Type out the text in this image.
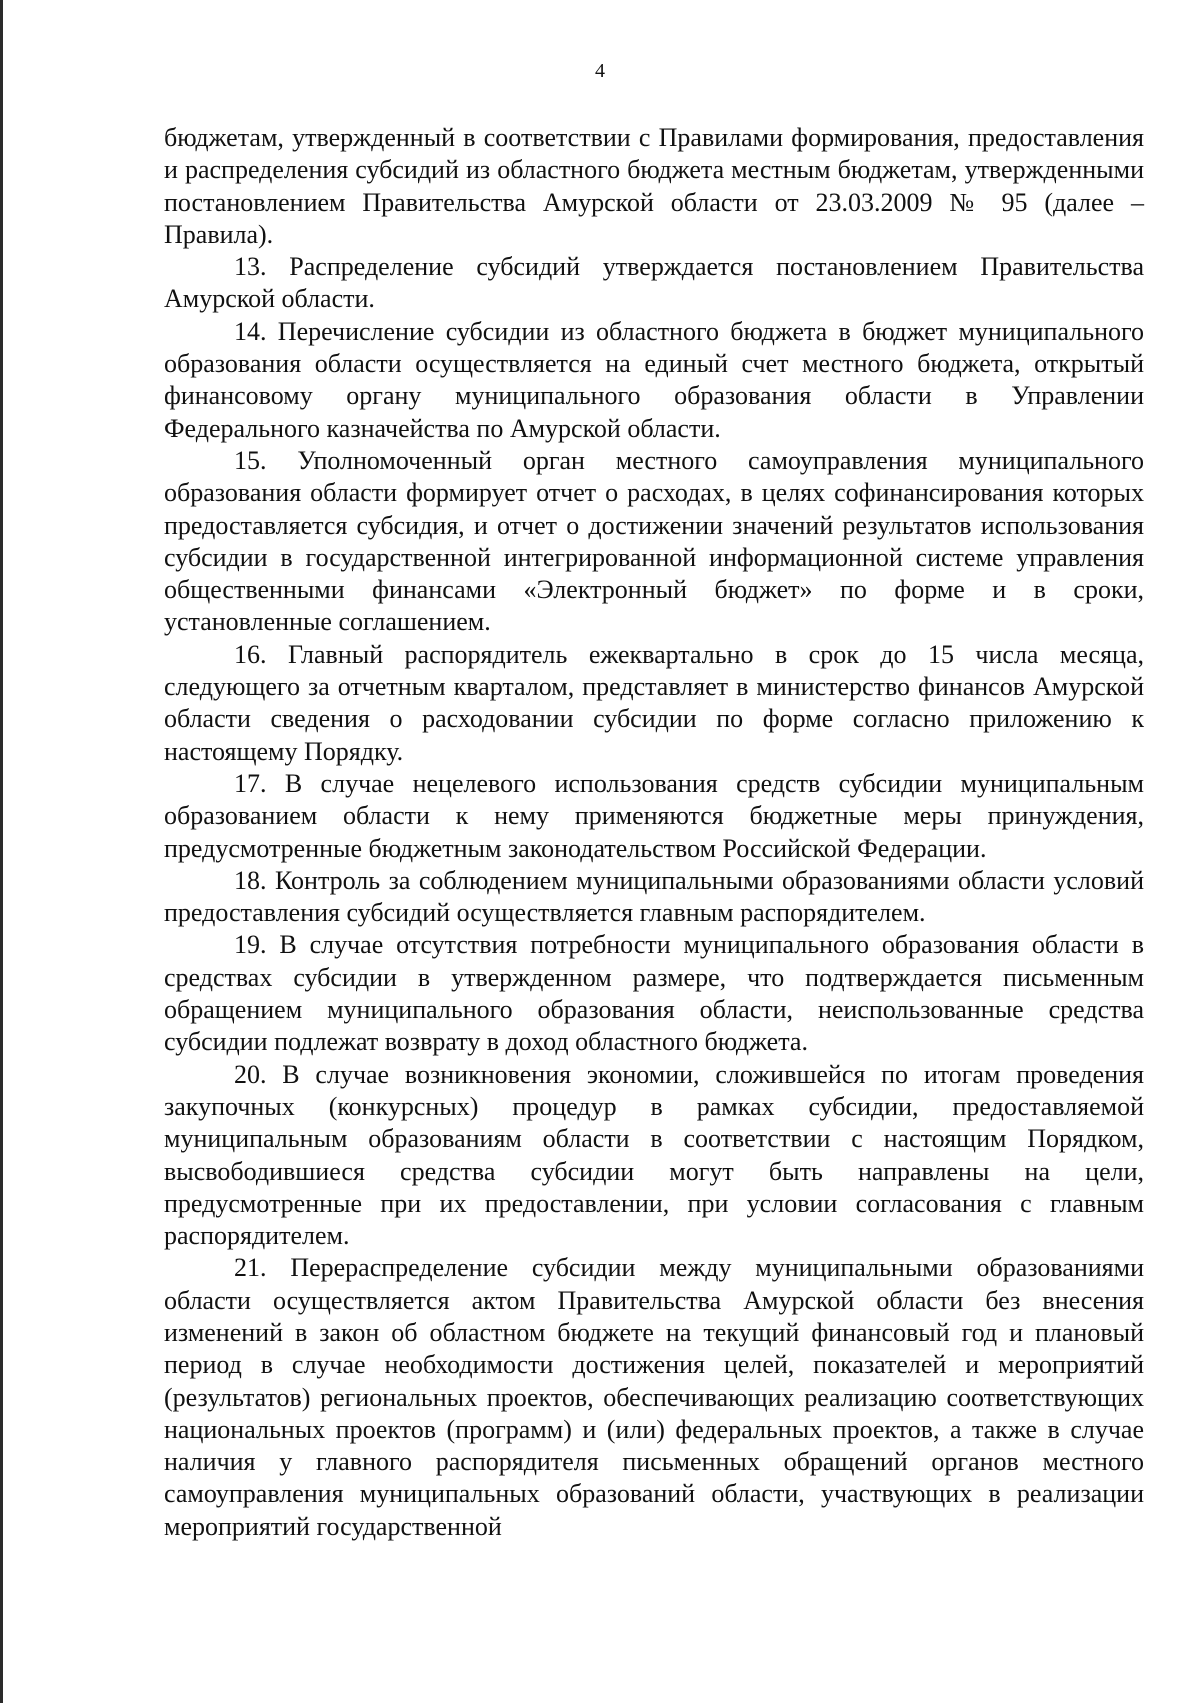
4

бюджетам, утвержденный в соответствии с Правилами формирования, предоставления и распределения субсидий из областного бюджета местным бюджетам, утвержденными постановлением Правительства Амурской области от 23.03.2009 № 95 (далее – Правила).

13. Распределение субсидий утверждается постановлением Правительства Амурской области.

14. Перечисление субсидии из областного бюджета в бюджет муниципального образования области осуществляется на единый счет местного бюджета, открытый финансовому органу муниципального образования области в Управлении Федерального казначейства по Амурской области.

15. Уполномоченный орган местного самоуправления муниципального образования области формирует отчет о расходах, в целях софинансирования которых предоставляется субсидия, и отчет о достижении значений результатов использования субсидии в государственной интегрированной информационной системе управления общественными финансами «Электронный бюджет» по форме и в сроки, установленные соглашением.

16. Главный распорядитель ежеквартально в срок до 15 числа месяца, следующего за отчетным кварталом, представляет в министерство финансов Амурской области сведения о расходовании субсидии по форме согласно приложению к настоящему Порядку.

17. В случае нецелевого использования средств субсидии муниципальным образованием области к нему применяются бюджетные меры принуждения, предусмотренные бюджетным законодательством Российской Федерации.

18. Контроль за соблюдением муниципальными образованиями области условий предоставления субсидий осуществляется главным распорядителем.

19. В случае отсутствия потребности муниципального образования области в средствах субсидии в утвержденном размере, что подтверждается письменным обращением муниципального образования области, неиспользованные средства субсидии подлежат возврату в доход областного бюджета.

20. В случае возникновения экономии, сложившейся по итогам проведения закупочных (конкурсных) процедур в рамках субсидии, предоставляемой муниципальным образованиям области в соответствии с настоящим Порядком, высвободившиеся средства субсидии могут быть направлены на цели, предусмотренные при их предоставлении, при условии согласования с главным распорядителем.

21. Перераспределение субсидии между муниципальными образованиями области осуществляется актом Правительства Амурской области без внесения изменений в закон об областном бюджете на текущий финансовый год и плановый период в случае необходимости достижения целей, показателей и мероприятий (результатов) региональных проектов, обеспечивающих реализацию соответствующих национальных проектов (программ) и (или) федеральных проектов, а также в случае наличия у главного распорядителя письменных обращений органов местного самоуправления муниципальных образований области, участвующих в реализации мероприятий государственной
